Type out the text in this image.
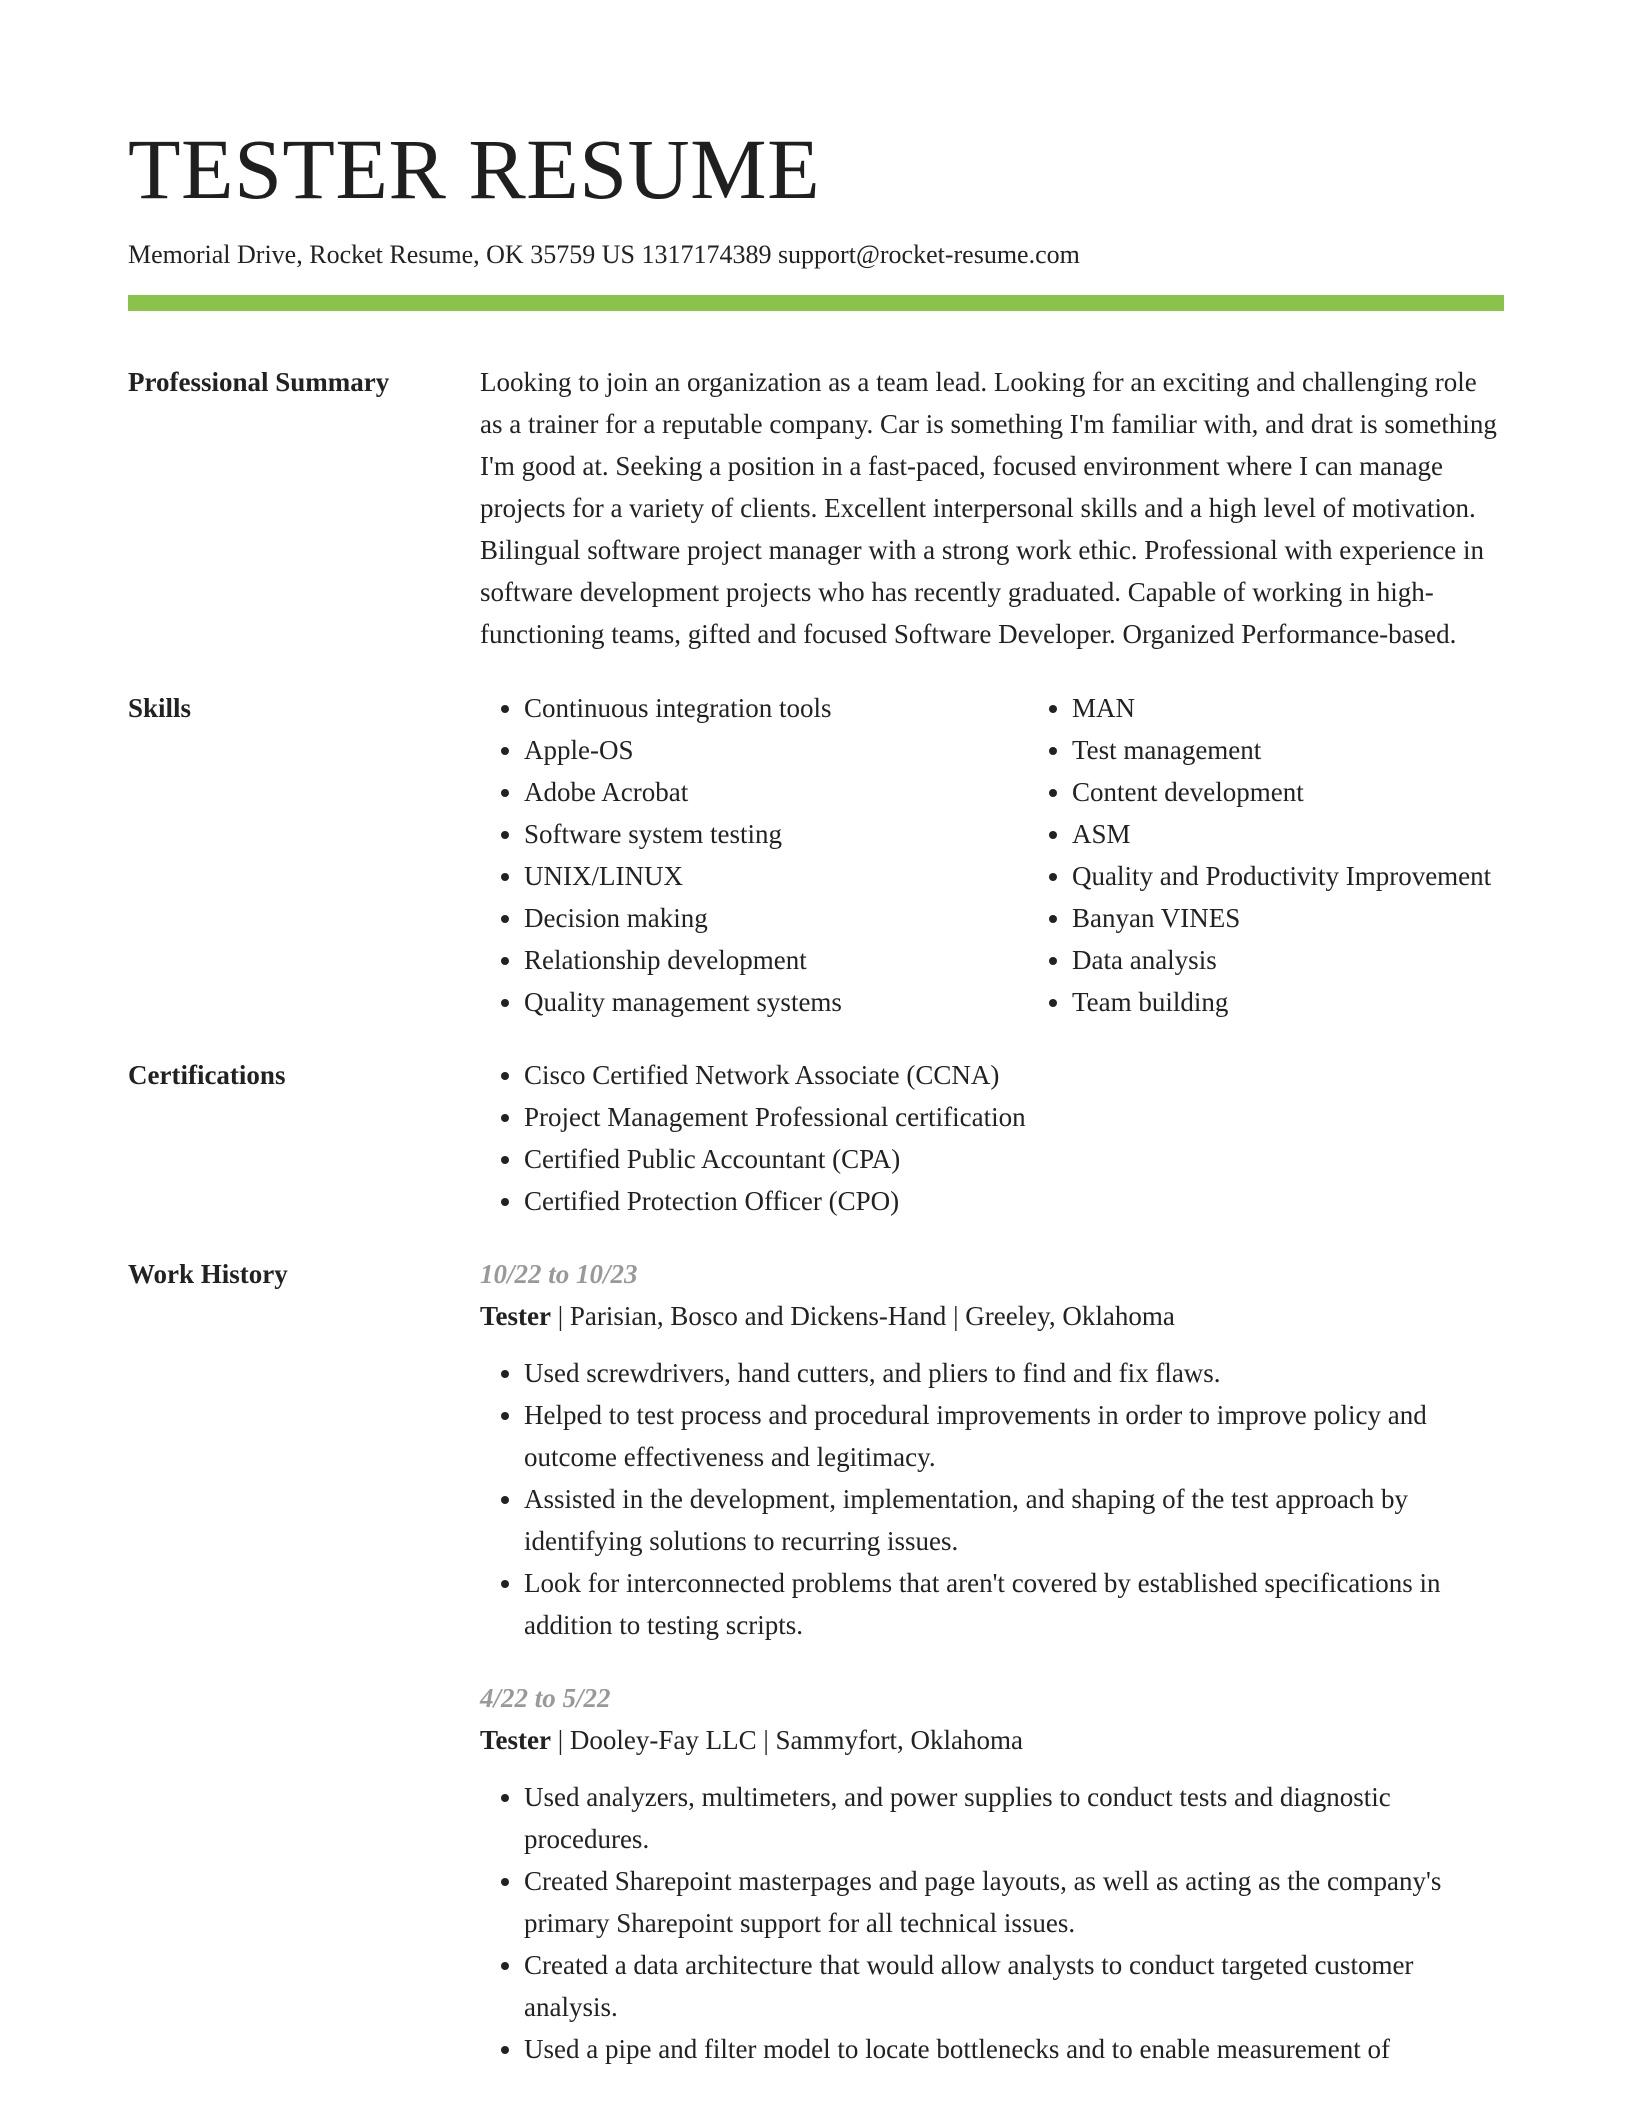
TESTER RESUME
Memorial Drive, Rocket Resume, OK 35759 US 1317174389 support@rocket-resume.com
Professional Summary	Looking to join an organization as a team lead. Looking for an exciting and challenging role as a trainer for a reputable company. Car is something I'm familiar with, and drat is something I'm good at. Seeking a position in a fast-paced, focused environment where I can manage projects for a variety of clients. Excellent interpersonal skills and a high level of motivation. Bilingual software project manager with a strong work ethic. Professional with experience in software development projects who has recently graduated. Capable of working in high-functioning teams, gifted and focused Software Developer. Organized Performance-based.
Skills	• Continuous integration tools
• Apple-OS
• Adobe Acrobat
• Software system testing
• UNIX/LINUX
• Decision making
• Relationship development
• Quality management systems
• MAN
• Test management
• Content development
• ASM
• Quality and Productivity Improvement
• Banyan VINES
• Data analysis
• Team building
Certifications	• Cisco Certified Network Associate (CCNA)
• Project Management Professional certification
• Certified Public Accountant (CPA)
• Certified Protection Officer (CPO)
Work History	10/22 to 10/23
Tester | Parisian, Bosco and Dickens-Hand | Greeley, Oklahoma
• Used screwdrivers, hand cutters, and pliers to find and fix flaws.
• Helped to test process and procedural improvements in order to improve policy and outcome effectiveness and legitimacy.
• Assisted in the development, implementation, and shaping of the test approach by identifying solutions to recurring issues.
• Look for interconnected problems that aren't covered by established specifications in addition to testing scripts.
4/22 to 5/22
Tester | Dooley-Fay LLC | Sammyfort, Oklahoma
• Used analyzers, multimeters, and power supplies to conduct tests and diagnostic procedures.
• Created Sharepoint masterpages and page layouts, as well as acting as the company's primary Sharepoint support for all technical issues.
• Created a data architecture that would allow analysts to conduct targeted customer analysis.
• Used a pipe and filter model to locate bottlenecks and to enable measurement of
